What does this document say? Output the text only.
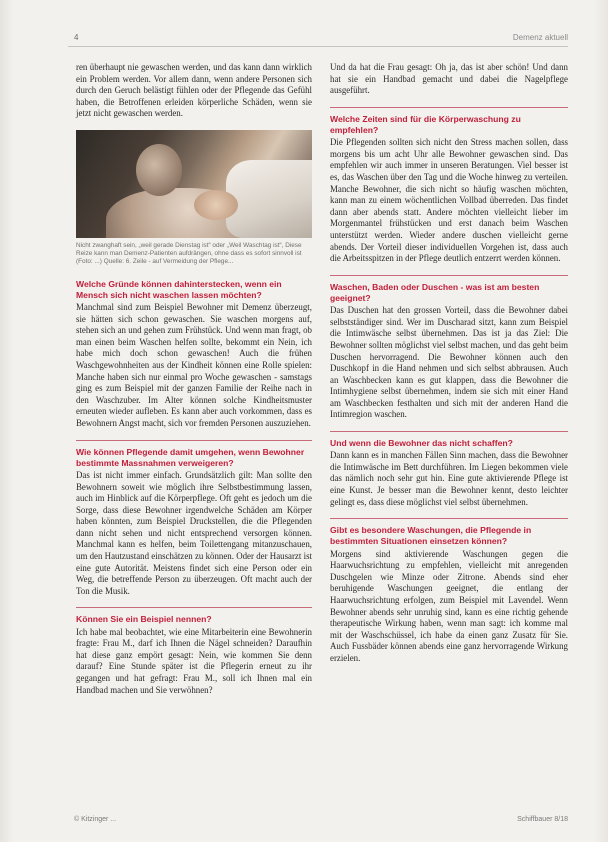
4	Demenz aktuell

ren überhaupt nie gewaschen werden, und das kann dann wirklich ein Problem werden. Vor allem dann, wenn andere Personen sich durch den Geruch belästigt fühlen oder der Pflegende das Gefühl haben, die Betroffenen erleiden körperliche Schäden, wenn sie jetzt nicht gewaschen werden.

Nicht zwanghaft sein, „weil gerade Dienstag ist“ oder „Weil Waschtag ist“, Diese Reize kann man Demenz-Patienten aufdrängen, ohne dass es sofort sinnvoll ist (Foto: ...) Quelle: 6. Zeile - auf Vermeidung der Pflege...
Welche Gründe können dahinterstecken, wenn ein Mensch sich nicht waschen lassen möchten?

Manchmal sind zum Beispiel Bewohner mit Demenz überzeugt, sie hätten sich schon gewaschen. Sie waschen morgens auf, stehen sich an und gehen zum Frühstück. Und wenn man fragt, ob man einen beim Waschen helfen sollte, bekommt ein Nein, ich habe mich doch schon gewaschen! Auch die frühen Waschgewohnheiten aus der Kindheit können eine Rolle spielen: Manche haben sich nur einmal pro Woche gewaschen - samstags ging es zum Beispiel mit der ganzen Familie der Reihe nach in den Waschzuber. Im Alter können solche Kindheitsmuster erneuten wieder aufleben. Es kann aber auch vorkommen, dass es Bewohnern Angst macht, sich vor fremden Personen auszuziehen.

Wie können Pflegende damit umgehen, wenn Bewohner bestimmte Massnahmen verweigeren?

Das ist nicht immer einfach. Grundsätzlich gilt: Man sollte den Bewohnern soweit wie möglich ihre Selbstbestimmung lassen, auch im Hinblick auf die Körperpflege. Oft geht es jedoch um die Sorge, dass diese Bewohner irgendwelche Schäden am Körper haben könnten, zum Beispiel Druckstellen, die die Pflegenden dann nicht sehen und nicht entsprechend versorgen können. Manchmal kann es helfen, beim Toilettengang mitanzuschauen, um den Hautzustand einschätzen zu können. Oder der Hausarzt ist eine gute Autorität. Meistens findet sich eine Person oder ein Weg, die betreffende Person zu überzeugen. Oft macht auch der Ton die Musik.

Können Sie ein Beispiel nennen?

Ich habe mal beobachtet, wie eine Mitarbeiterin eine Bewohnerin fragte: Frau M., darf ich Ihnen die Nägel schneiden? Daraufhin hat diese ganz empört gesagt: Nein, wie kommen Sie denn darauf? Eine Stunde später ist die Pflegerin erneut zu ihr gegangen und hat gefragt: Frau M., soll ich Ihnen mal ein Handbad machen und Sie verwöhnen?

Und da hat die Frau gesagt: Oh ja, das ist aber schön! Und dann hat sie ein Handbad gemacht und dabei die Nagelpflege ausgeführt.

Welche Zeiten sind für die Körperwaschung zu empfehlen?

Die Pflegenden sollten sich nicht den Stress machen sollen, dass morgens bis um acht Uhr alle Bewohner gewaschen sind. Das empfehlen wir auch immer in unseren Beratungen. Viel besser ist es, das Waschen über den Tag und die Woche hinweg zu verteilen. Manche Bewohner, die sich nicht so häufig waschen möchten, kann man zu einem wöchentlichen Vollbad überreden. Das findet dann aber abends statt. Andere möchten vielleicht lieber im Morgenmantel frühstücken und erst danach beim Waschen unterstützt werden. Wieder andere duschen vielleicht gerne abends. Der Vorteil dieser individuellen Vorgehen ist, dass auch die Arbeitsspitzen in der Pflege deutlich entzerrt werden können.

Waschen, Baden oder Duschen - was ist am besten geeignet?

Das Duschen hat den grossen Vorteil, dass die Bewohner dabei selbstständiger sind. Wer im Duscharad sitzt, kann zum Beispiel die Intimwäsche selbst übernehmen. Das ist ja das Ziel: Die Bewohner sollten möglichst viel selbst machen, und das geht beim Duschen hervorragend. Die Bewohner können auch den Duschkopf in die Hand nehmen und sich selbst abbrausen. Auch an Waschbecken kann es gut klappen, dass die Bewohner die Intimhygiene selbst übernehmen, indem sie sich mit einer Hand am Waschbecken festhalten und sich mit der anderen Hand die Intimregion waschen.

Und wenn die Bewohner das nicht schaffen?

Dann kann es in manchen Fällen Sinn machen, dass die Bewohner die Intimwäsche im Bett durchführen. Im Liegen bekommen viele das nämlich noch sehr gut hin. Eine gute aktivierende Pflege ist eine Kunst. Je besser man die Bewohner kennt, desto leichter gelingt es, dass diese möglichst viel selbst übernehmen.

Gibt es besondere Waschungen, die Pflegende in bestimmten Situationen einsetzen können?

Morgens sind aktivierende Waschungen gegen die Haarwuchsrichtung zu empfehlen, vielleicht mit anregenden Duschgelen wie Minze oder Zitrone. Abends sind eher beruhigende Waschungen geeignet, die entlang der Haarwuchsrichtung erfolgen, zum Beispiel mit Lavendel. Wenn Bewohner abends sehr unruhig sind, kann es eine richtig gehende therapeutische Wirkung haben, wenn man sagt: ich komme mal mit der Waschschüssel, ich habe da einen ganz Zusatz für Sie. Auch Fussbäder können abends eine ganz hervorragende Wirkung erzielen.

© Kitzinger ...	Schiffbauer 8/18
